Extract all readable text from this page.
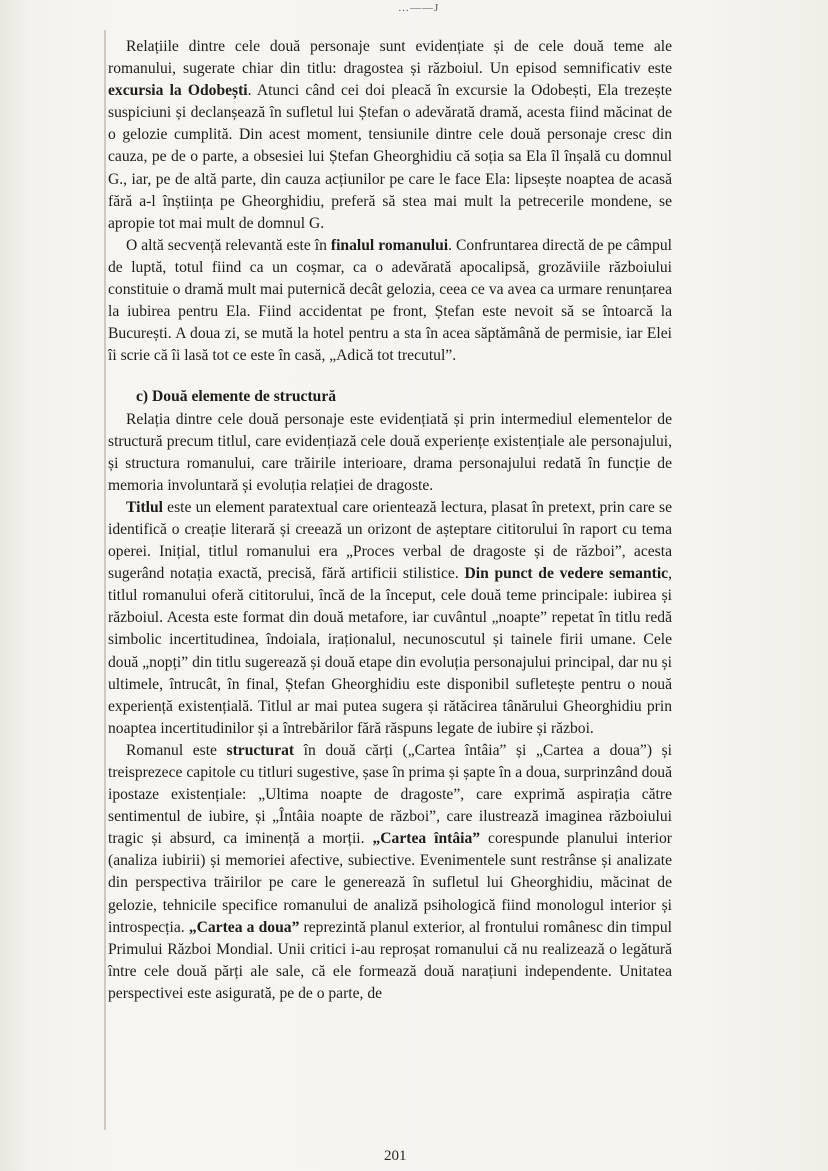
…——J

Relațiile dintre cele două personaje sunt evidențiate și de cele două teme ale romanului, sugerate chiar din titlu: dragostea și războiul. Un episod semnificativ este excursia la Odobești. Atunci când cei doi pleacă în excursie la Odobești, Ela trezește suspiciuni și declanșează în sufletul lui Ștefan o adevărată dramă, acesta fiind măcinat de o gelozie cumplită. Din acest moment, tensiunile dintre cele două personaje cresc din cauza, pe de o parte, a obsesiei lui Ștefan Gheorghidiu că soția sa Ela îl înșală cu domnul G., iar, pe de altă parte, din cauza acțiunilor pe care le face Ela: lipsește noaptea de acasă fără a-l înștiința pe Gheorghidiu, preferă să stea mai mult la petrecerile mondene, se apropie tot mai mult de domnul G.

O altă secvență relevantă este în finalul romanului. Confruntarea directă de pe câmpul de luptă, totul fiind ca un coșmar, ca o adevărată apocalipsă, grozăviile războiului constituie o dramă mult mai puternică decât gelozia, ceea ce va avea ca urmare renunțarea la iubirea pentru Ela. Fiind accidentat pe front, Ștefan este nevoit să se întoarcă la București. A doua zi, se mută la hotel pentru a sta în acea săptămână de permisie, iar Elei îi scrie că îi lasă tot ce este în casă, „Adică tot trecutul”.

c) Două elemente de structură

Relația dintre cele două personaje este evidențiată și prin intermediul elementelor de structură precum titlul, care evidențiază cele două experiențe existențiale ale personajului, și structura romanului, care trăirile interioare, drama personajului redată în funcție de memoria involuntară și evoluția relației de dragoste.

Titlul este un element paratextual care orientează lectura, plasat în pretext, prin care se identifică o creație literară și creează un orizont de așteptare cititorului în raport cu tema operei. Inițial, titlul romanului era „Proces verbal de dragoste și de război”, acesta sugerând notația exactă, precisă, fără artificii stilistice. Din punct de vedere semantic, titlul romanului oferă cititorului, încă de la început, cele două teme principale: iubirea și războiul. Acesta este format din două metafore, iar cuvântul „noapte” repetat în titlu redă simbolic incertitudinea, îndoiala, iraționalul, necunoscutul și tainele firii umane. Cele două „nopți” din titlu sugerează și două etape din evoluția personajului principal, dar nu și ultimele, întrucât, în final, Ștefan Gheorghidiu este disponibil sufletește pentru o nouă experiență existențială. Titlul ar mai putea sugera și rătăcirea tânărului Gheorghidiu prin noaptea incertitudinilor și a întrebărilor fără răspuns legate de iubire și război.

Romanul este structurat în două cărți („Cartea întâia” și „Cartea a doua”) și treisprezece capitole cu titluri sugestive, șase în prima și șapte în a doua, surprinzând două ipostaze existențiale: „Ultima noapte de dragoste”, care exprimă aspirația către sentimentul de iubire, și „Întâia noapte de război”, care ilustrează imaginea războiului tragic și absurd, ca iminență a morții. „Cartea întâia” corespunde planului interior (analiza iubirii) și memoriei afective, subiective. Evenimentele sunt restrânse și analizate din perspectiva trăirilor pe care le generează în sufletul lui Gheorghidiu, măcinat de gelozie, tehnicile specifice romanului de analiză psihologică fiind monologul interior și introspecția. „Cartea a doua” reprezintă planul exterior, al frontului românesc din timpul Primului Război Mondial. Unii critici i-au reproșat romanului că nu realizează o legătură între cele două părți ale sale, că ele formează două narațiuni independente. Unitatea perspectivei este asigurată, pe de o parte, de

201
